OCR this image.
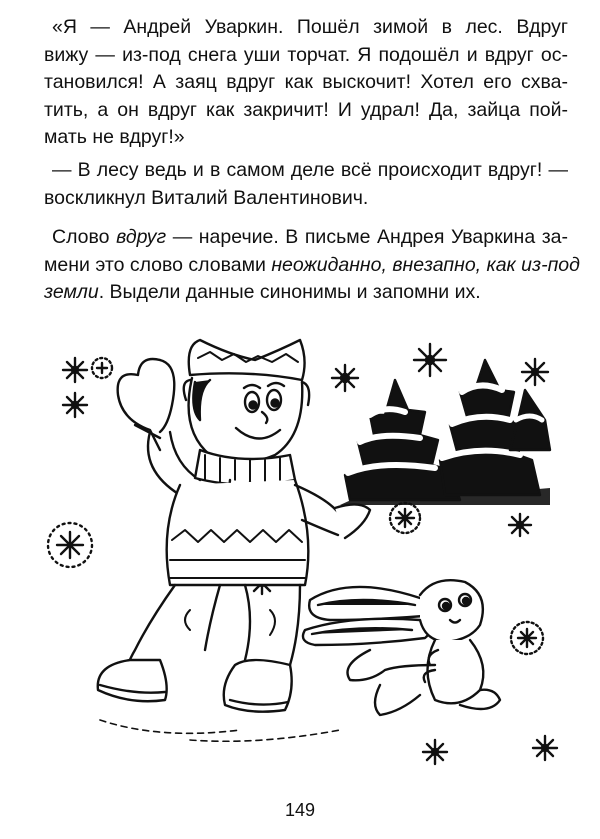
«Я — Андрей Уваркин. Пошёл зимой в лес. Вдруг
вижу — из-под снега уши торчат. Я подошёл и вдруг ос-
тановился! А заяц вдруг как выскочит! Хотел его схва-
тить, а он вдруг как закричит! И удрал! Да, зайца пой-
мать не вдруг!»
— В лесу ведь и в самом деле всё происходит вдруг! —
воскликнул Виталий Валентинович.
Слово вдруг — наречие. В письме Андрея Уваркина за-
мени это слово словами неожиданно, внезапно, как из-под
земли. Выдели данные синонимы и запомни их.
149
